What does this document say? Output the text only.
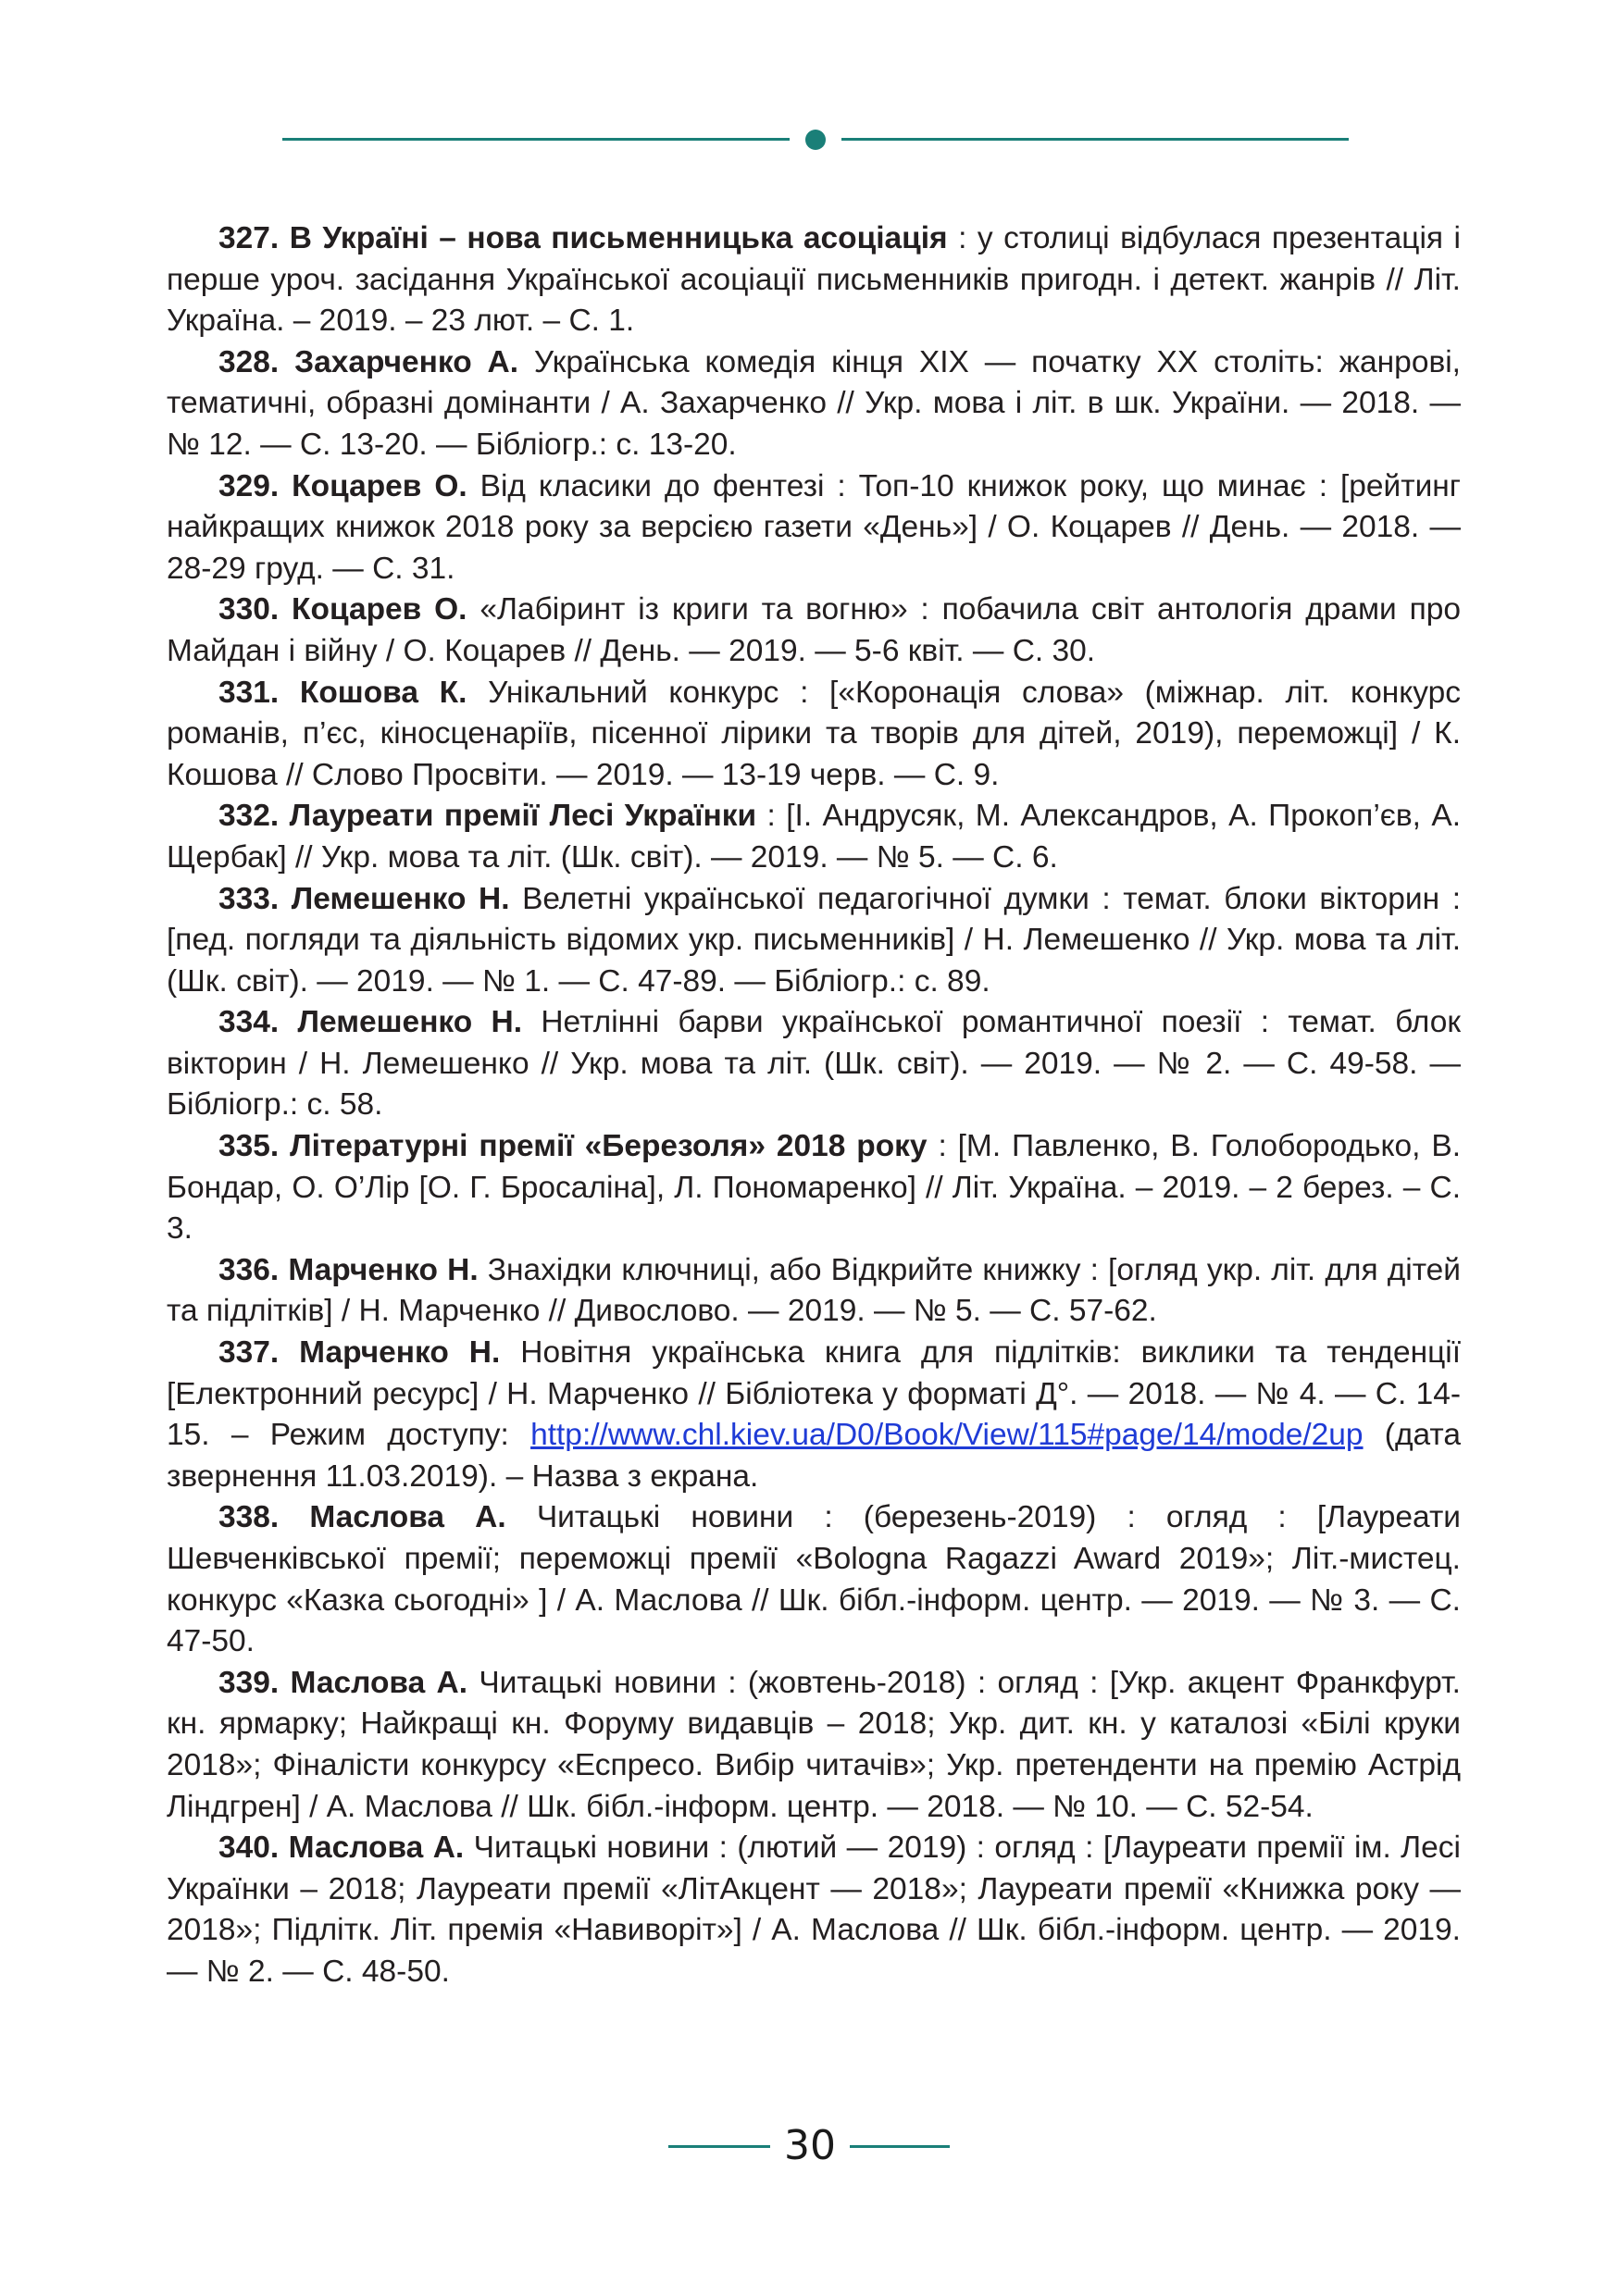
327. В Україні – нова письменницька асоціація : у столиці відбулася презентація і перше уроч. засідання Української асоціації письменників пригодн. і детект. жанрів // Літ. Україна. – 2019. – 23 лют. – С. 1.

328. Захарченко А. Українська комедія кінця XIX — початку XX століть: жанрові, тематичні, образні домінанти / А. Захарченко // Укр. мова і літ. в шк. України. — 2018. — № 12. — С. 13-20. — Бібліогр.: с. 13-20.

329. Коцарев О. Від класики до фентезі : Топ-10 книжок року, що минає : [рейтинг найкращих книжок 2018 року за версією газети «День»] / О. Коцарев // День. — 2018. — 28-29 груд. — С. 31.

330. Коцарев О. «Лабіринт із криги та вогню» : побачила світ антологія драми про Майдан і війну / О. Коцарев // День. — 2019. — 5-6 квіт. — С. 30.

331. Кошова К. Унікальний конкурс : [«Коронація слова» (міжнар. літ. конкурс романів, п’єс, кіносценаріїв, пісенної лірики та творів для дітей, 2019), переможці] / К. Кошова // Слово Просвіти. — 2019. — 13-19 черв. — С. 9.

332. Лауреати премії Лесі Українки : [І. Андрусяк, М. Александров, А. Прокоп’єв, А. Щербак] // Укр. мова та літ. (Шк. світ). — 2019. — № 5. — С. 6.

333. Лемешенко Н. Велетні української педагогічної думки : темат. блоки вікторин : [пед. погляди та діяльність відомих укр. письменників] / Н. Лемешенко // Укр. мова та літ. (Шк. світ). — 2019. — № 1. — С. 47-89. — Бібліогр.: с. 89.

334. Лемешенко Н. Нетлінні барви української романтичної поезії : темат. блок вікторин / Н. Лемешенко // Укр. мова та літ. (Шк. світ). — 2019. — № 2. — С. 49-58. — Бібліогр.: с. 58.

335. Літературні премії «Березоля» 2018 року : [М. Павленко, В. Голобородько, В. Бондар, О. О’Лір [О. Г. Бросаліна], Л. Пономаренко] // Літ. Україна. – 2019. – 2 берез. – С. 3.

336. Марченко Н. Знахідки ключниці, або Відкрийте книжку : [огляд укр. літ. для дітей та підлітків] / Н. Марченко // Дивослово. — 2019. — № 5. — С. 57-62.

337. Марченко Н. Новітня українська книга для підлітків: виклики та тенденції [Електронний ресурс] / Н. Марченко // Бібліотека у форматі Д°. — 2018. — № 4. — С. 14-15. – Режим доступу: http://www.chl.kiev.ua/D0/Book/View/115#page/14/mode/2up (дата звернення 11.03.2019). – Назва з екрана.

338. Маслова А. Читацькі новини : (березень-2019) : огляд : [Лауреати Шевченківської премії; переможці премії «Bologna Ragazzi Award 2019»; Літ.-мистец. конкурс «Казка сьогодні» ] / А. Маслова // Шк. бібл.-інформ. центр. — 2019. — № 3. — С. 47-50.

339. Маслова А. Читацькі новини : (жовтень-2018) : огляд : [Укр. акцент Франкфурт. кн. ярмарку; Найкращі кн. Форуму видавців – 2018; Укр. дит. кн. у каталозі «Білі круки 2018»; Фіналісти конкурсу «Еспресо. Вибір читачів»; Укр. претенденти на премію Астрід Ліндгрен] / А. Маслова // Шк. бібл.-інформ. центр. — 2018. — № 10. — С. 52-54.

340. Маслова А. Читацькі новини : (лютий — 2019) : огляд : [Лауреати премії ім. Лесі Українки – 2018; Лауреати премії «ЛітАкцент — 2018»; Лауреати премії «Книжка року — 2018»; Підлітк. Літ. премія «Навиворіт»] / А. Маслова // Шк. бібл.-інформ. центр. — 2019. — № 2. — С. 48-50.

30
